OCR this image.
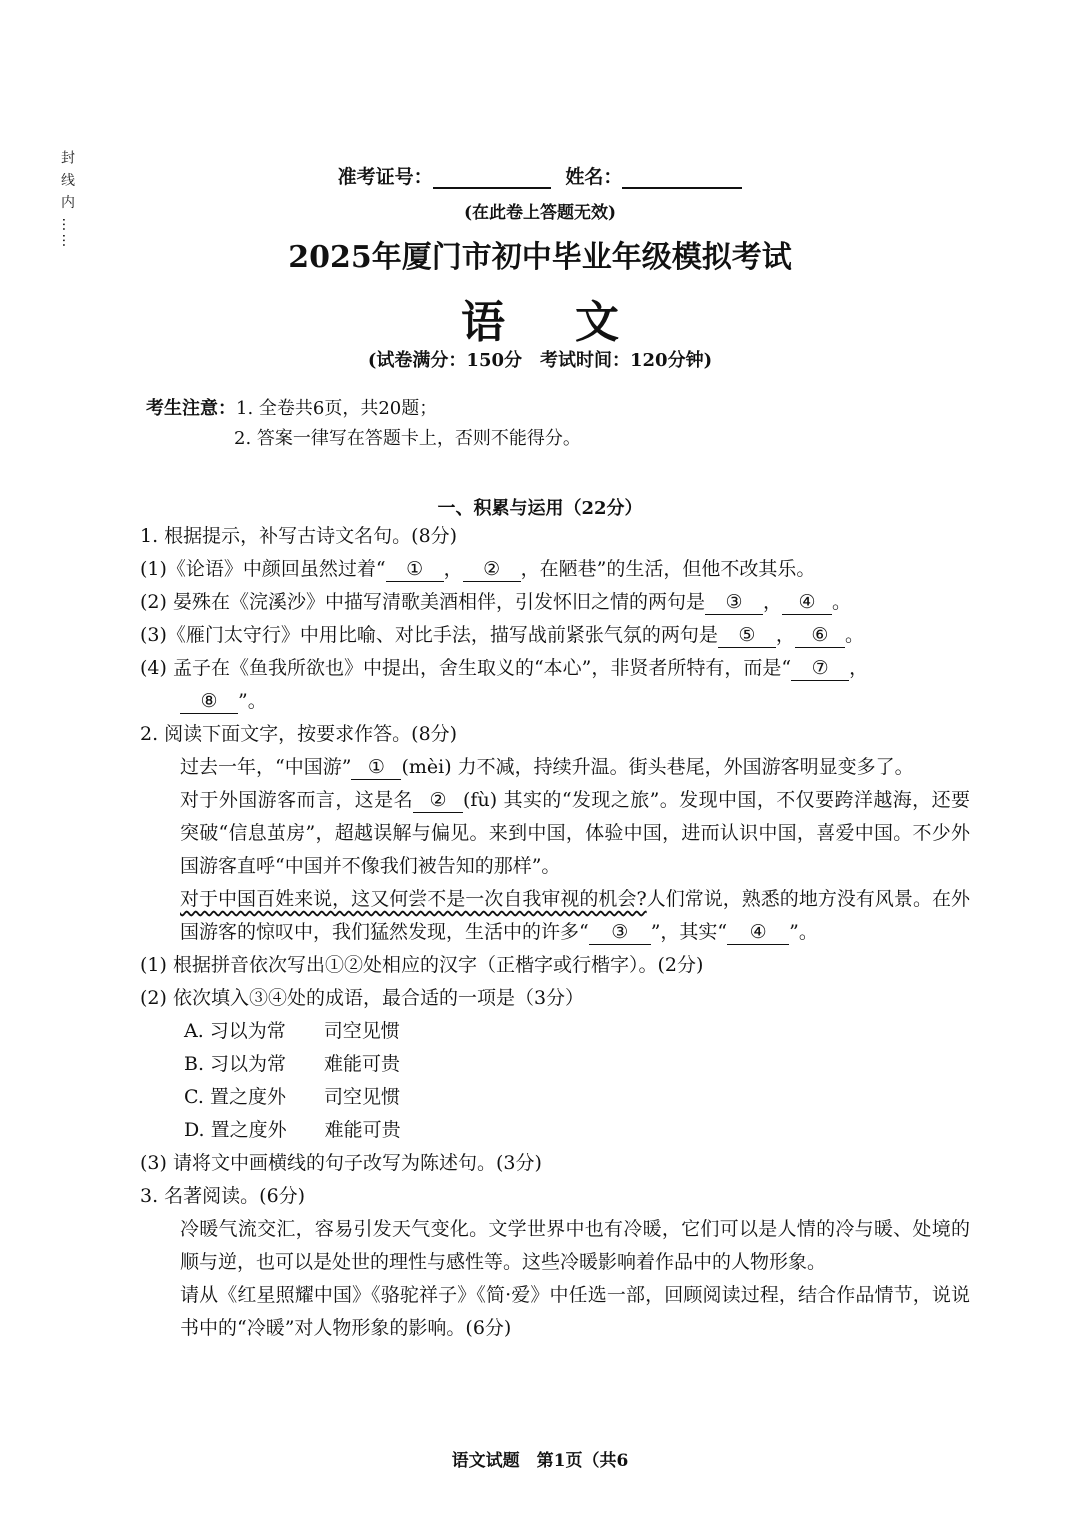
封 线 内 ……	准考证号：	姓名：
(在此卷上答题无效)
2025年厦门市初中毕业年级模拟考试
语文
(试卷满分：150分　考试时间：120分钟)
考生注意：1. 全卷共6页，共20题；
2. 答案一律写在答题卡上，否则不能得分。
一、积累与运用（22分）

1. 根据提示，补写古诗文名句。(8分)

(1)《论语》中颜回虽然过着“ ① ， ② ，在陋巷”的生活，但他不改其乐。

(2) 晏殊在《浣溪沙》中描写清歌美酒相伴，引发怀旧之情的两句是 ③ ， ④ 。

(3)《雁门太守行》中用比喻、对比手法，描写战前紧张气氛的两句是 ⑤ ， ⑥ 。

(4) 孟子在《鱼我所欲也》中提出，舍生取义的“本心”，非贤者所特有，而是“ ⑦ ，

⑧ ”。

2. 阅读下面文字，按要求作答。(8分)

过去一年，“中国游” ① (mèi) 力不减，持续升温。街头巷尾，外国游客明显变多了。

对于外国游客而言，这是名 ② (fù) 其实的“发现之旅”。发现中国，不仅要跨洋越海，还要突破“信息茧房”，超越误解与偏见。来到中国，体验中国，进而认识中国，喜爱中国。不少外国游客直呼“中国并不像我们被告知的那样”。

对于中国百姓来说，这又何尝不是一次自我审视的机会?人们常说，熟悉的地方没有风景。在外国游客的惊叹中，我们猛然发现，生活中的许多“ ③ ”，其实“ ④ ”。

(1) 根据拼音依次写出①②处相应的汉字（正楷字或行楷字）。(2分)

(2) 依次填入③④处的成语，最合适的一项是（3分）

A. 习以为常　　司空见惯

B. 习以为常　　难能可贵

C. 置之度外　　司空见惯

D. 置之度外　　难能可贵

(3) 请将文中画横线的句子改写为陈述句。(3分)

3. 名著阅读。(6分)

冷暖气流交汇，容易引发天气变化。文学世界中也有冷暖，它们可以是人情的冷与暖、处境的顺与逆，也可以是处世的理性与感性等。这些冷暖影响着作品中的人物形象。

请从《红星照耀中国》《骆驼祥子》《简·爱》中任选一部，回顾阅读过程，结合作品情节，说说书中的“冷暖”对人物形象的影响。(6分)

语文试题　第1页（共6
